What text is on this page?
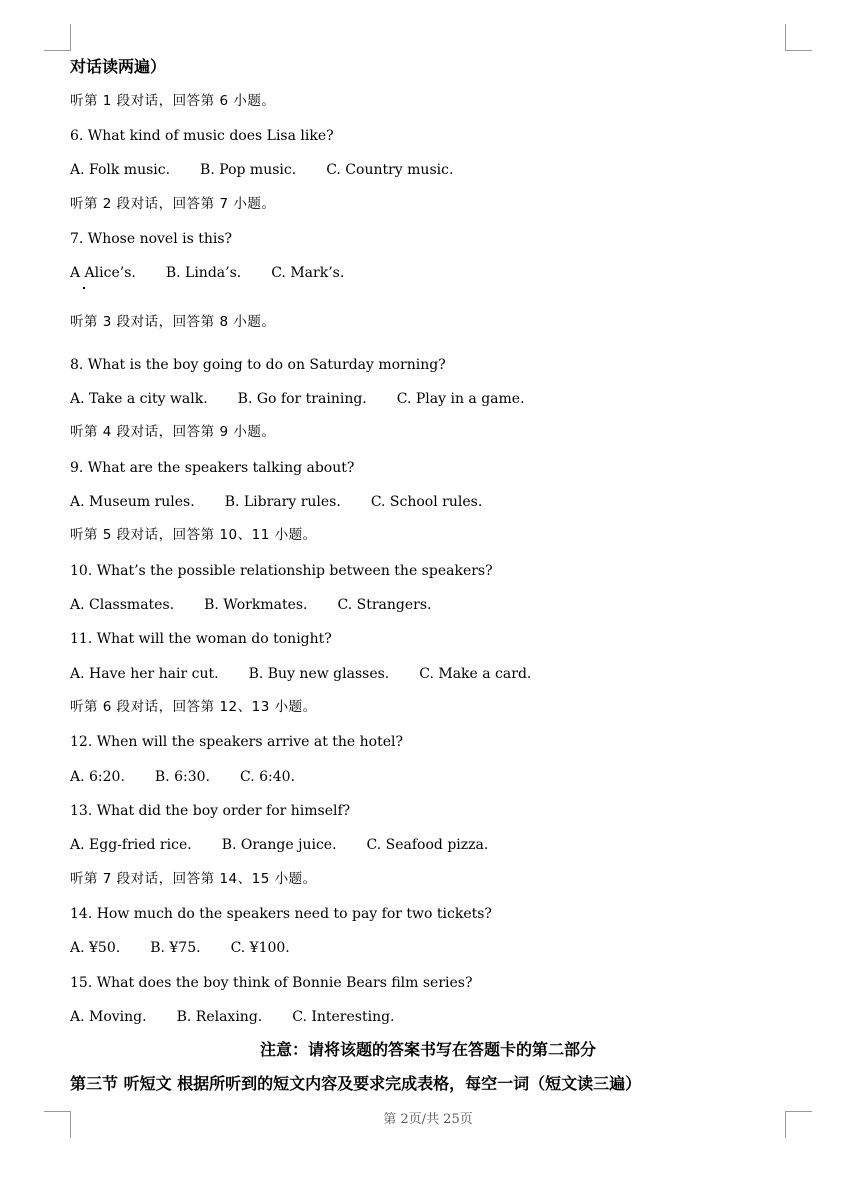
对话读两遍）
听第 1 段对话，回答第 6 小题。
6. What kind of music does Lisa like?
A. Folk music. B. Pop music. C. Country music.
听第 2 段对话，回答第 7 小题。
7. Whose novel is this?
A Alice’s. B. Linda’s. C. Mark’s.
听第 3 段对话，回答第 8 小题。
8. What is the boy going to do on Saturday morning?
A. Take a city walk. B. Go for training. C. Play in a game.
听第 4 段对话，回答第 9 小题。
9. What are the speakers talking about?
A. Museum rules. B. Library rules. C. School rules.
听第 5 段对话，回答第 10、11 小题。
10. What’s the possible relationship between the speakers?
A. Classmates. B. Workmates. C. Strangers.
11. What will the woman do tonight?
A. Have her hair cut. B. Buy new glasses. C. Make a card.
听第 6 段对话，回答第 12、13 小题。
12. When will the speakers arrive at the hotel?
A. 6:20. B. 6:30. C. 6:40.
13. What did the boy order for himself?
A. Egg-fried rice. B. Orange juice. C. Seafood pizza.
听第 7 段对话，回答第 14、15 小题。
14. How much do the speakers need to pay for two tickets?
A. ¥50. B. ¥75. C. ¥100.
15. What does the boy think of Bonnie Bears film series?
A. Moving. B. Relaxing. C. Interesting.
注意：请将该题的答案书写在答题卡的第二部分
第三节 听短文 根据所听到的短文内容及要求完成表格，每空一词（短文读三遍）
第 2页/共 25页
